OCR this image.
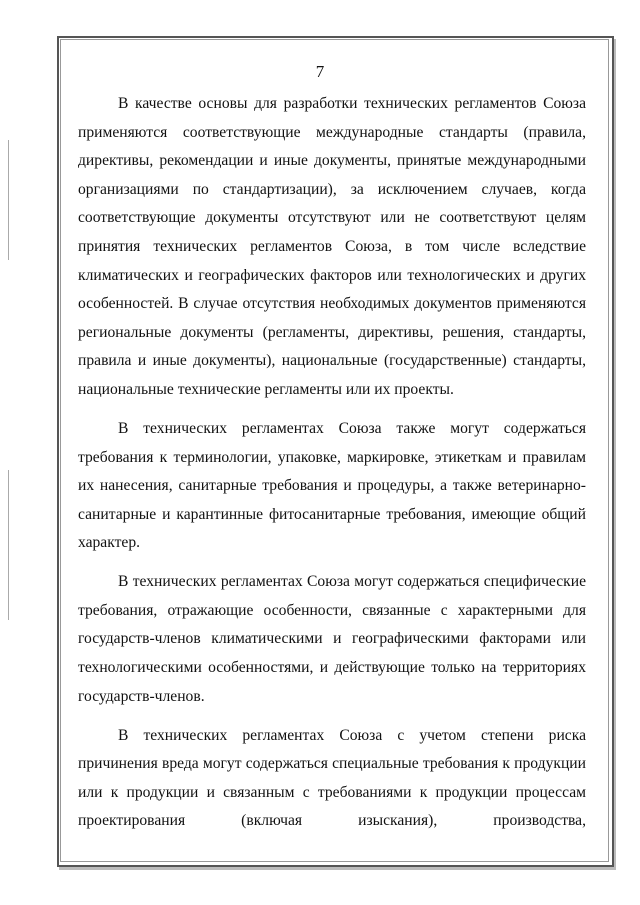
7

В качестве основы для разработки технических регламентов Союза применяются соответствующие международные стандарты (правила, директивы, рекомендации и иные документы, принятые международными организациями по стандартизации), за исключением случаев, когда соответствующие документы отсутствуют или не соответствуют целям принятия технических регламентов Союза, в том числе вследствие климатических и географических факторов или технологических и других особенностей. В случае отсутствия необходимых документов применяются региональные документы (регламенты, директивы, решения, стандарты, правила и иные документы), национальные (государственные) стандарты, национальные технические регламенты или их проекты.

В технических регламентах Союза также могут содержаться требования к терминологии, упаковке, маркировке, этикеткам и правилам их нанесения, санитарные требования и процедуры, а также ветеринарно-санитарные и карантинные фитосанитарные требования, имеющие общий характер.

В технических регламентах Союза могут содержаться специфические требования, отражающие особенности, связанные с характерными для государств-членов климатическими и географическими факторами или технологическими особенностями, и действующие только на территориях государств-членов.

В технических регламентах Союза с учетом степени риска причинения вреда могут содержаться специальные требования к продукции или к продукции и связанным с требованиями к продукции процессам проектирования (включая изыскания), производства,
